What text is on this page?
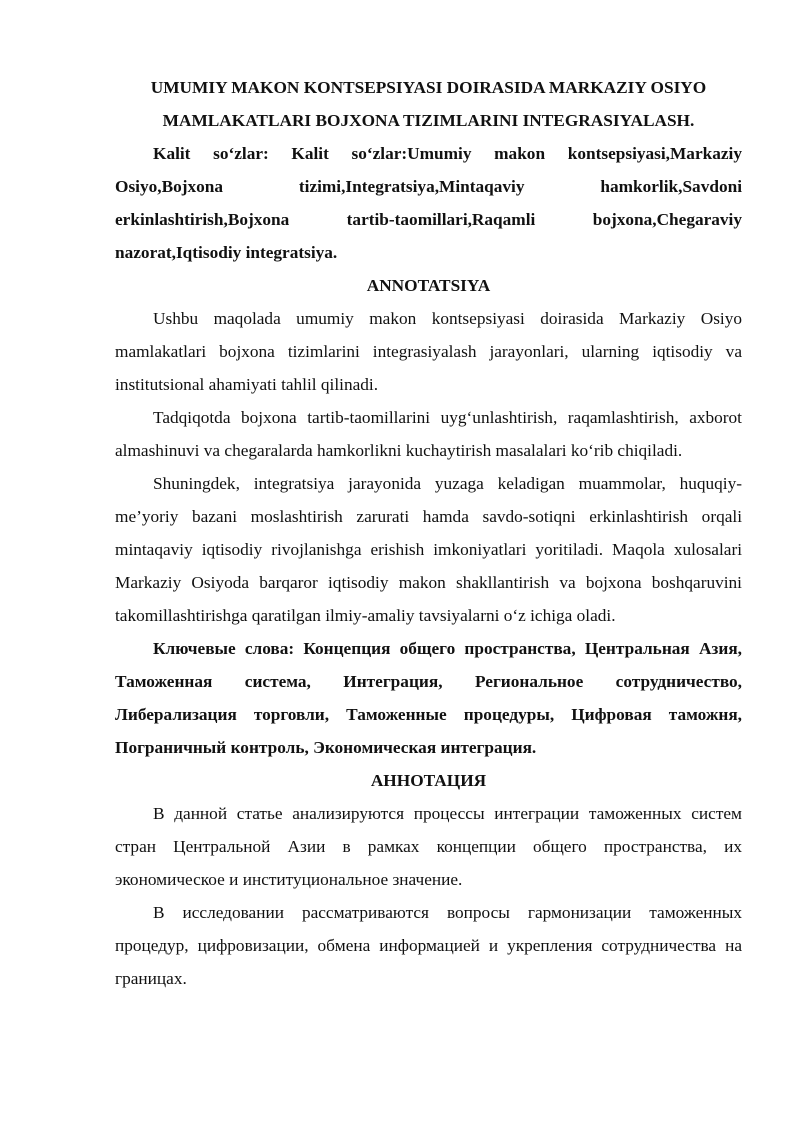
UMUMIY MAKON KONTSEPSIYASI DOIRASIDA MARKAZIY OSIYO MAMLAKATLARI BOJXONA TIZIMLARINI INTEGRASIYALASH.

Kalit so‘zlar: Kalit so‘zlar:Umumiy makon kontsepsiyasi,Markaziy Osiyo,Bojxona tizimi,Integratsiya,Mintaqaviy hamkorlik,Savdoni erkinlashtirish,Bojxona tartib-taomillari,Raqamli bojxona,Chegaraviy nazorat,Iqtisodiy integratsiya.

ANNOTATSIYA

Ushbu maqolada umumiy makon kontsepsiyasi doirasida Markaziy Osiyo mamlakatlari bojxona tizimlarini integrasiyalash jarayonlari, ularning iqtisodiy va institutsional ahamiyati tahlil qilinadi.

Tadqiqotda bojxona tartib-taomillarini uyg‘unlashtirish, raqamlashtirish, axborot almashinuvi va chegaralarda hamkorlikni kuchaytirish masalalari ko‘rib chiqiladi.

Shuningdek, integratsiya jarayonida yuzaga keladigan muammolar, huquqiy-me’yoriy bazani moslashtirish zarurati hamda savdo-sotiqni erkinlashtirish orqali mintaqaviy iqtisodiy rivojlanishga erishish imkoniyatlari yoritiladi. Maqola xulosalari Markaziy Osiyoda barqaror iqtisodiy makon shakllantirish va bojxona boshqaruvini takomillashtirishga qaratilgan ilmiy-amaliy tavsiyalarni o‘z ichiga oladi.

Ключевые слова: Концепция общего пространства, Центральная Азия, Таможенная система, Интеграция, Региональное сотрудничество, Либерализация торговли, Таможенные процедуры, Цифровая таможня, Пограничный контроль, Экономическая интеграция.

АННОТАЦИЯ

В данной статье анализируются процессы интеграции таможенных систем стран Центральной Азии в рамках концепции общего пространства, их экономическое и институциональное значение.

В исследовании рассматриваются вопросы гармонизации таможенных процедур, цифровизации, обмена информацией и укрепления сотрудничества на границах.
